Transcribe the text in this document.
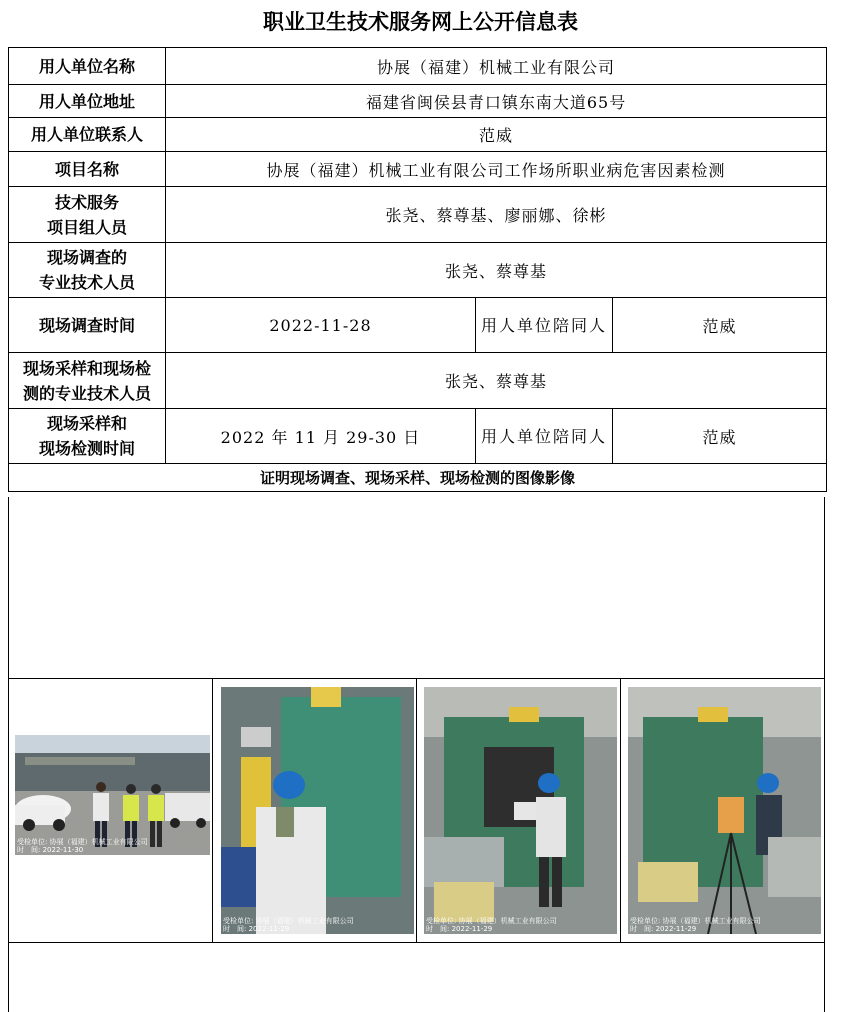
职业卫生技术服务网上公开信息表
用人单位名称	协展（福建）机械工业有限公司		
用人单位地址	福建省闽侯县青口镇东南大道65号		
用人单位联系人	范威		
项目名称	协展（福建）机械工业有限公司工作场所职业病危害因素检测		

技术服务
项目组人员	张尧、蔡尊基、廖丽娜、徐彬		

现场调查的
专业技术人员	张尧、蔡尊基		
现场调查时间	2022-11-28	用人单位陪同人	范威

现场采样和现场检
测的专业技术人员	张尧、蔡尊基		

现场采样和
现场检测时间	2022 年 11 月 29-30 日	用人单位陪同人	范威
证明现场调查、现场采样、现场检测的图像影像			
受检单位: 协展（福建）机械工业有限公司
时　间: 2022-11-30
受检单位: 协展（福建）机械工业有限公司
时　间: 2022-11-29
受检单位: 协展（福建）机械工业有限公司
时　间: 2022-11-29
受检单位: 协展（福建）机械工业有限公司
时　间: 2022-11-29
